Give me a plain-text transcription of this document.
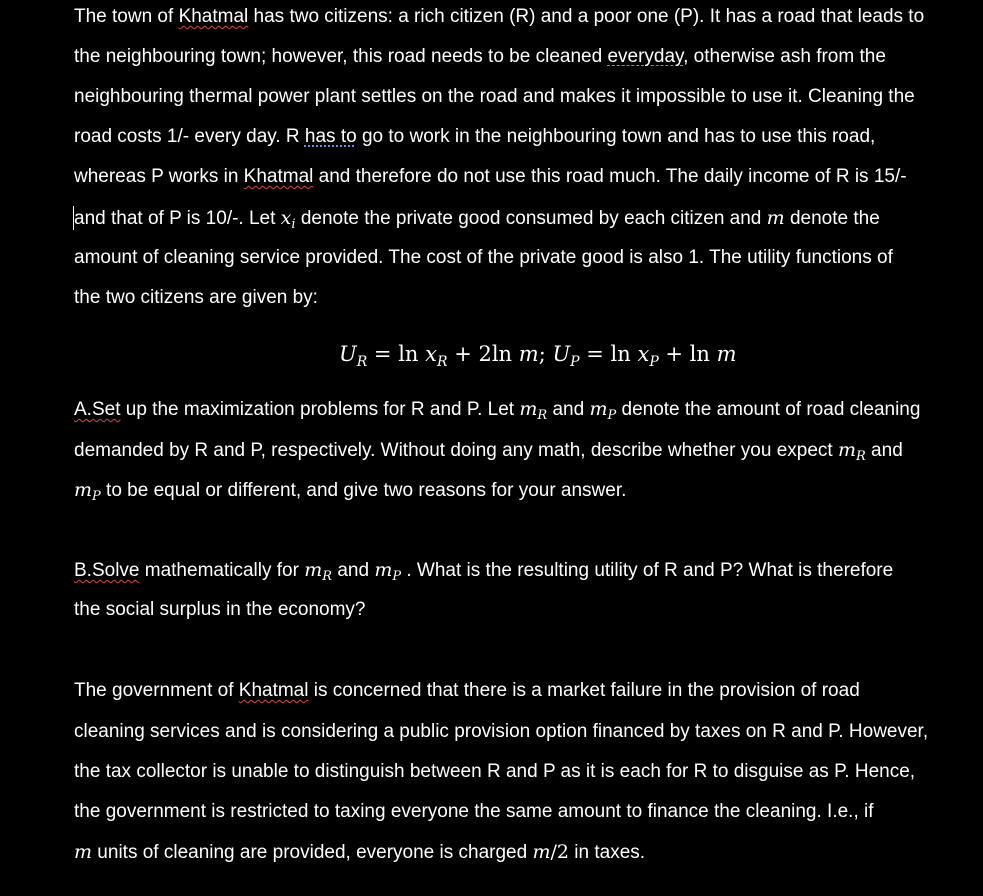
The town of Khatmal has two citizens: a rich citizen (R) and a poor one (P). It has a road that leads to
the neighbouring town; however, this road needs to be cleaned everyday, otherwise ash from the
neighbouring thermal power plant settles on the road and makes it impossible to use it. Cleaning the
road costs 1/- every day. R has to go to work in the neighbouring town and has to use this road,
whereas P works in Khatmal and therefore do not use this road much. The daily income of R is 15/-
and that of P is 10/-. Let $x_i$ denote the private good consumed by each citizen and m denote the
amount of cleaning service provided. The cost of the private good is also 1. The utility functions of
the two citizens are given by:
$U_R = \ln x_R + 2\ln$ m; $U_P = \ln x_P + \ln m$
A.Set up the maximization problems for R and P. Let $m_R$ and $m_P$ denote the amount of road cleaning
demanded by R and P, respectively. Without doing any math, describe whether you expect $m_R$ and
$m_P$ to be equal or different, and give two reasons for your answer.
B.Solve mathematically for $m_R$ and $m_P$ . What is the resulting utility of R and P? What is therefore
the social surplus in the economy?
The government of Khatmal is concerned that there is a market failure in the provision of road
cleaning services and is considering a public provision option financed by taxes on R and P. However,
the tax collector is unable to distinguish between R and P as it is each for R to disguise as P. Hence,
the government is restricted to taxing everyone the same amount to finance the cleaning. I.e., if
m units of cleaning are provided, everyone is charged m/2 in taxes.
